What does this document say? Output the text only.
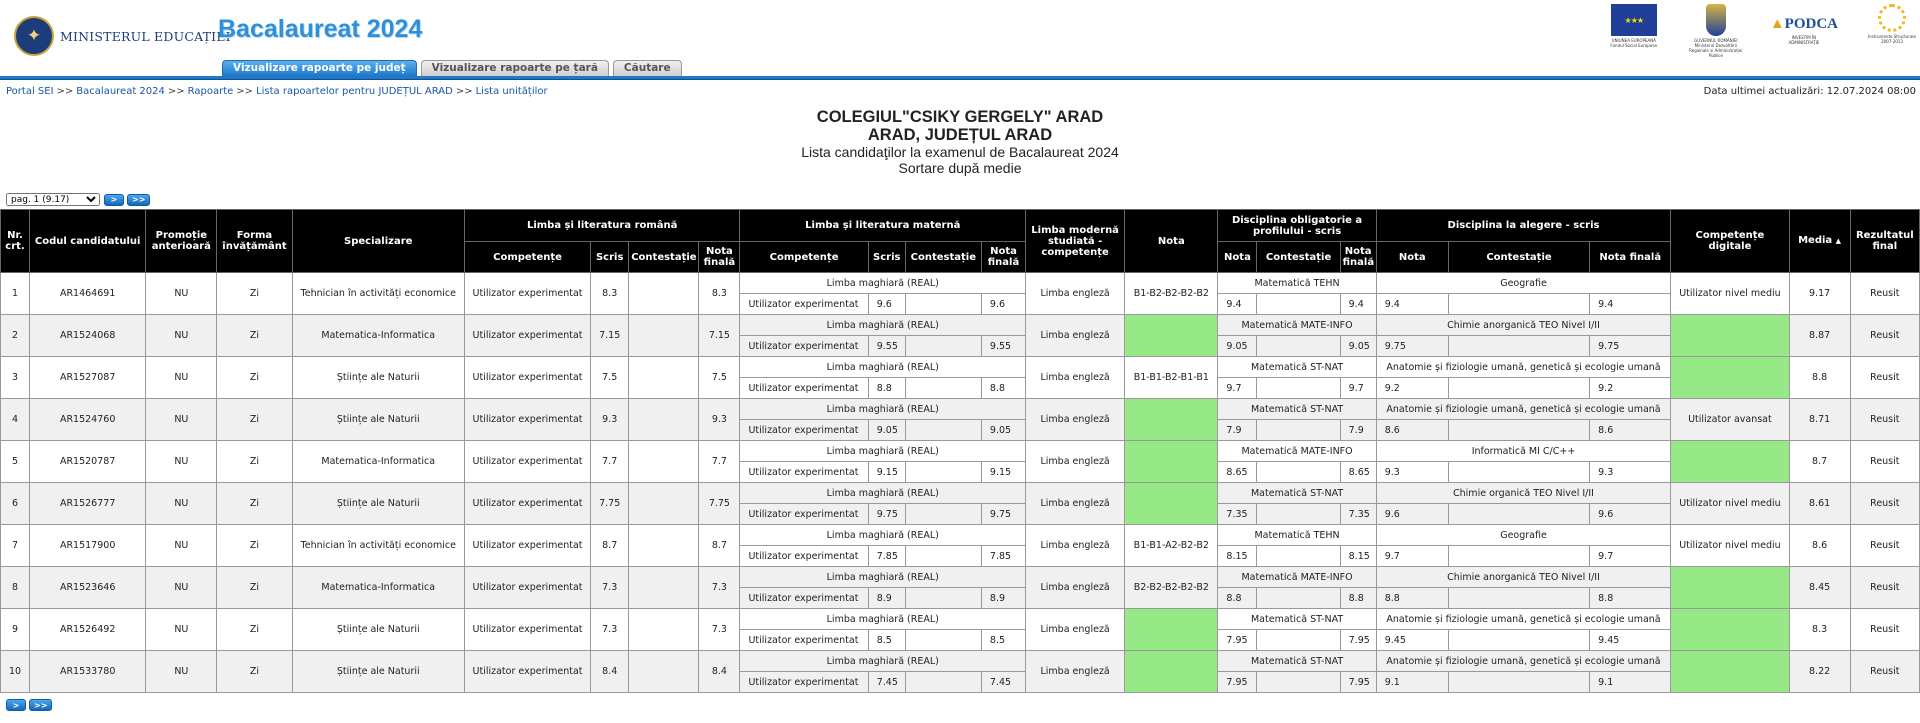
✦	MINISTERUL EDUCAȚIEI
Bacalaureat 2024
Vizualizare rapoarte pe județ	Vizualizare rapoarte pe țară	Căutare
★★★
UNIUNEA EUROPEANĂ Fondul Social European
GUVERNUL ROMÂNIEI Ministerul Dezvoltării Regionale și Administrației Publice
▲PODCA
INVESTIM ÎN ADMINISTRAȚIE
Instrumente Structurale 2007-2013
Portal SEI >> Bacalaureat 2024 >> Rapoarte >> Lista rapoartelor pentru JUDEȚUL ARAD >> Lista unităților	Data ultimei actualizări: 12.07.2024 08:00
COLEGIUL"CSIKY GERGELY" ARAD
ARAD, JUDEȚUL ARAD
Lista candidaţilor la examenul de Bacalaureat 2024
Sortare după medie
pag. 1 (9.17)
>	>>
Nr. crt.	Codul candidatului	Promoție anterioară	Forma învățământ	Specializare	Limba și literatura română				Limba și literatura maternă				Limba modernă studiată - competențe	Nota	Disciplina obligatorie a profilului - scris			Disciplina la alegere - scris			Competențe digitale	Media ▲	Rezultatul final
					Competențe	Scris	Contestație	Nota finală	Competențe	Scris	Contestație	Nota finală			Nota	Contestație	Nota finală	Nota	Contestație	Nota finală			
1	AR1464691	NU	Zi	Tehnician în activități economice	Utilizator experimentat	8.3		8.3	Limba maghiară (REAL)				Limba engleză	B1-B2-B2-B2-B2	Matematică TEHN			Geografie			Utilizator nivel mediu	9.17	Reusit
									Utilizator experimentat	9.6		9.6			9.4		9.4	9.4		9.4			
2	AR1524068	NU	Zi	Matematica-Informatica	Utilizator experimentat	7.15		7.15	Limba maghiară (REAL)				Limba engleză		Matematică MATE-INFO			Chimie anorganică TEO Nivel I/II				8.87	Reusit
									Utilizator experimentat	9.55		9.55			9.05		9.05	9.75		9.75			
3	AR1527087	NU	Zi	Științe ale Naturii	Utilizator experimentat	7.5		7.5	Limba maghiară (REAL)				Limba engleză	B1-B1-B2-B1-B1	Matematică ST-NAT			Anatomie și fiziologie umană, genetică și ecologie umană				8.8	Reusit
									Utilizator experimentat	8.8		8.8			9.7		9.7	9.2		9.2			
4	AR1524760	NU	Zi	Științe ale Naturii	Utilizator experimentat	9.3		9.3	Limba maghiară (REAL)				Limba engleză		Matematică ST-NAT			Anatomie și fiziologie umană, genetică și ecologie umană			Utilizator avansat	8.71	Reusit
									Utilizator experimentat	9.05		9.05			7.9		7.9	8.6		8.6			
5	AR1520787	NU	Zi	Matematica-Informatica	Utilizator experimentat	7.7		7.7	Limba maghiară (REAL)				Limba engleză		Matematică MATE-INFO			Informatică MI C/C++				8.7	Reusit
									Utilizator experimentat	9.15		9.15			8.65		8.65	9.3		9.3			
6	AR1526777	NU	Zi	Științe ale Naturii	Utilizator experimentat	7.75		7.75	Limba maghiară (REAL)				Limba engleză		Matematică ST-NAT			Chimie organică TEO Nivel I/II			Utilizator nivel mediu	8.61	Reusit
									Utilizator experimentat	9.75		9.75			7.35		7.35	9.6		9.6			
7	AR1517900	NU	Zi	Tehnician în activități economice	Utilizator experimentat	8.7		8.7	Limba maghiară (REAL)				Limba engleză	B1-B1-A2-B2-B2	Matematică TEHN			Geografie			Utilizator nivel mediu	8.6	Reusit
									Utilizator experimentat	7.85		7.85			8.15		8.15	9.7		9.7			
8	AR1523646	NU	Zi	Matematica-Informatica	Utilizator experimentat	7.3		7.3	Limba maghiară (REAL)				Limba engleză	B2-B2-B2-B2-B2	Matematică MATE-INFO			Chimie anorganică TEO Nivel I/II				8.45	Reusit
									Utilizator experimentat	8.9		8.9			8.8		8.8	8.8		8.8			
9	AR1526492	NU	Zi	Științe ale Naturii	Utilizator experimentat	7.3		7.3	Limba maghiară (REAL)				Limba engleză		Matematică ST-NAT			Anatomie și fiziologie umană, genetică și ecologie umană				8.3	Reusit
									Utilizator experimentat	8.5		8.5			7.95		7.95	9.45		9.45			
10	AR1533780	NU	Zi	Științe ale Naturii	Utilizator experimentat	8.4		8.4	Limba maghiară (REAL)				Limba engleză		Matematică ST-NAT			Anatomie și fiziologie umană, genetică și ecologie umană				8.22	Reusit
									Utilizator experimentat	7.45		7.45			7.95		7.95	9.1		9.1			
>	>>
